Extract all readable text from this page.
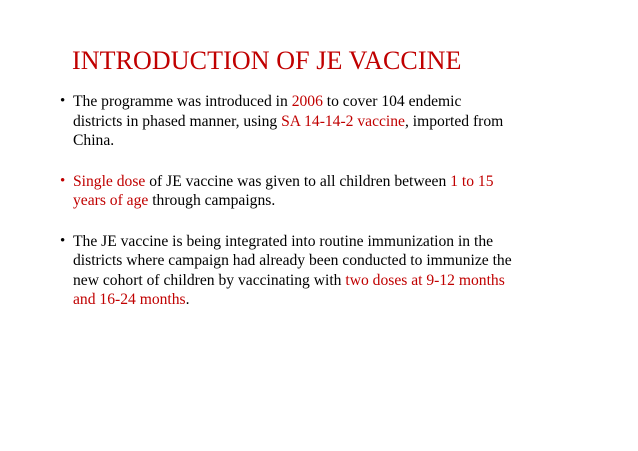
INTRODUCTION OF JE VACCINE
• The programme was introduced in 2006 to cover 104 endemic
districts in phased manner, using SA 14-14-2 vaccine, imported from
China.
• Single dose of JE vaccine was given to all children between 1 to 15
years of age through campaigns.
• The JE vaccine is being integrated into routine immunization in the
districts where campaign had already been conducted to immunize the
new cohort of children by vaccinating with two doses at 9-12 months
and 16-24 months.
